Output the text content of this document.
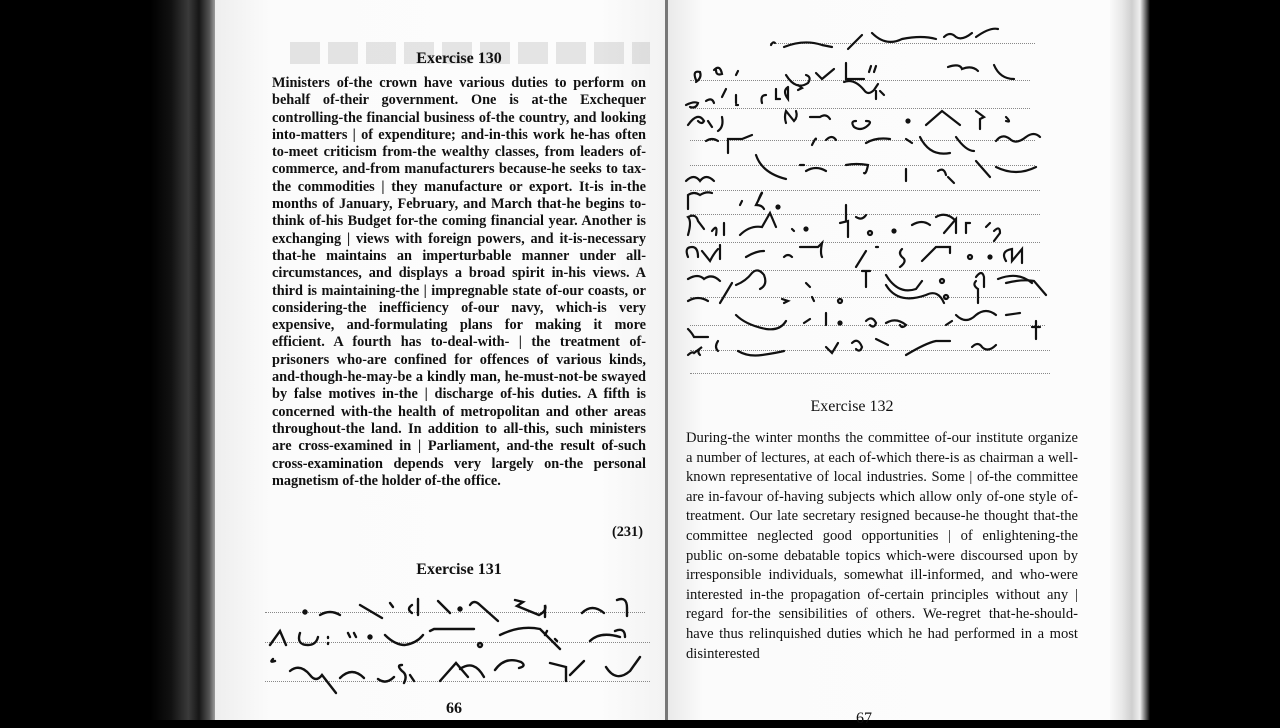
Exercise 130

Ministers of-the crown have various duties to perform on behalf of-their government. One is at-the Exchequer controlling-the financial business of-the country, and looking into-matters | of expenditure; and-in-this work he-has often to-meet criticism from-the wealthy classes, from leaders of-commerce, and-from manufacturers because-he seeks to tax-the commodities | they manufacture or export. It-is in-the months of January, February, and March that-he begins to-think of-his Budget for-the coming financial year. Another is exchanging | views with foreign powers, and it-is-necessary that-he maintains an imperturbable manner under all-circumstances, and displays a broad spirit in-his views. A third is maintaining-the | impregnable state of-our coasts, or considering-the inefficiency of-our navy, which-is very expensive, and-formulating plans for making it more efficient. A fourth has to-deal-with- | the treatment of-prisoners who-are confined for offences of various kinds, and-though-he-may-be a kindly man, he-must-not-be swayed by false motives in-the | discharge of-his duties. A fifth is concerned with-the health of metropolitan and other areas throughout-the land. In addition to all-this, such ministers are cross-examined in | Parliament, and-the result of-such cross-examination depends very largely on-the personal magnetism of-the holder of-the office.

(231)
Exercise 131
66
Exercise 132

During-the winter months the committee of-our institute organize a number of lectures, at each of-which there-is as chairman a well-known representative of local industries. Some | of-the committee are in-favour of-having subjects which allow only of-one style of-treatment. Our late secretary resigned because-he thought that-the committee neglected good opportunities | of enlightening-the public on-some debatable topics which-were discoursed upon by irresponsible individuals, somewhat ill-informed, and who-were interested in-the propagation of-certain principles without any | regard for-the sensibilities of others. We-regret that-he-should-have thus relinquished duties which he had performed in a most disinterested

67
